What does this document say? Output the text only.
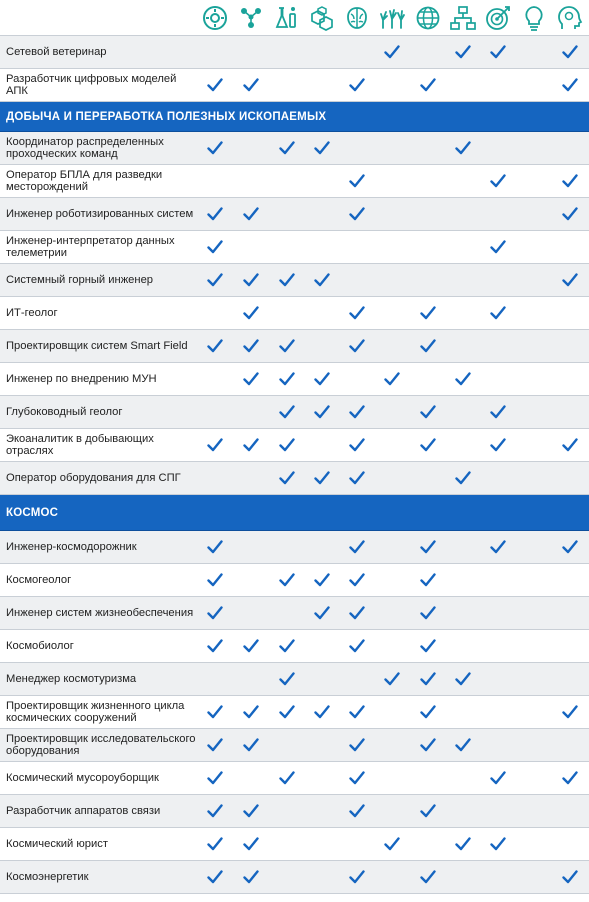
Сетевой ветеринар
Разработчик цифровых моделей АПК
ДОБЫЧА И ПЕРЕРАБОТКА ПОЛЕЗНЫХ ИСКОПАЕМЫХ
Координатор распределенных проходческих команд
Оператор БПЛА для разведки месторождений
Инженер роботизированных систем
Инженер-интерпретатор данных телеметрии
Системный горный инженер
ИТ-геолог
Проектировщик систем Smart Field
Инженер по внедрению МУН
Глубоководный геолог
Экоаналитик в добывающих отраслях
Оператор оборудования для СПГ
КОСМОС
Инженер-космодорожник
Космогеолог
Инженер систем жизнеобеспечения
Космобиолог
Менеджер космотуризма
Проектировщик жизненного цикла космических сооружений
Проектировщик исследовательского оборудования
Космический мусороуборщик
Разработчик аппаратов связи
Космический юрист
Космоэнергетик
